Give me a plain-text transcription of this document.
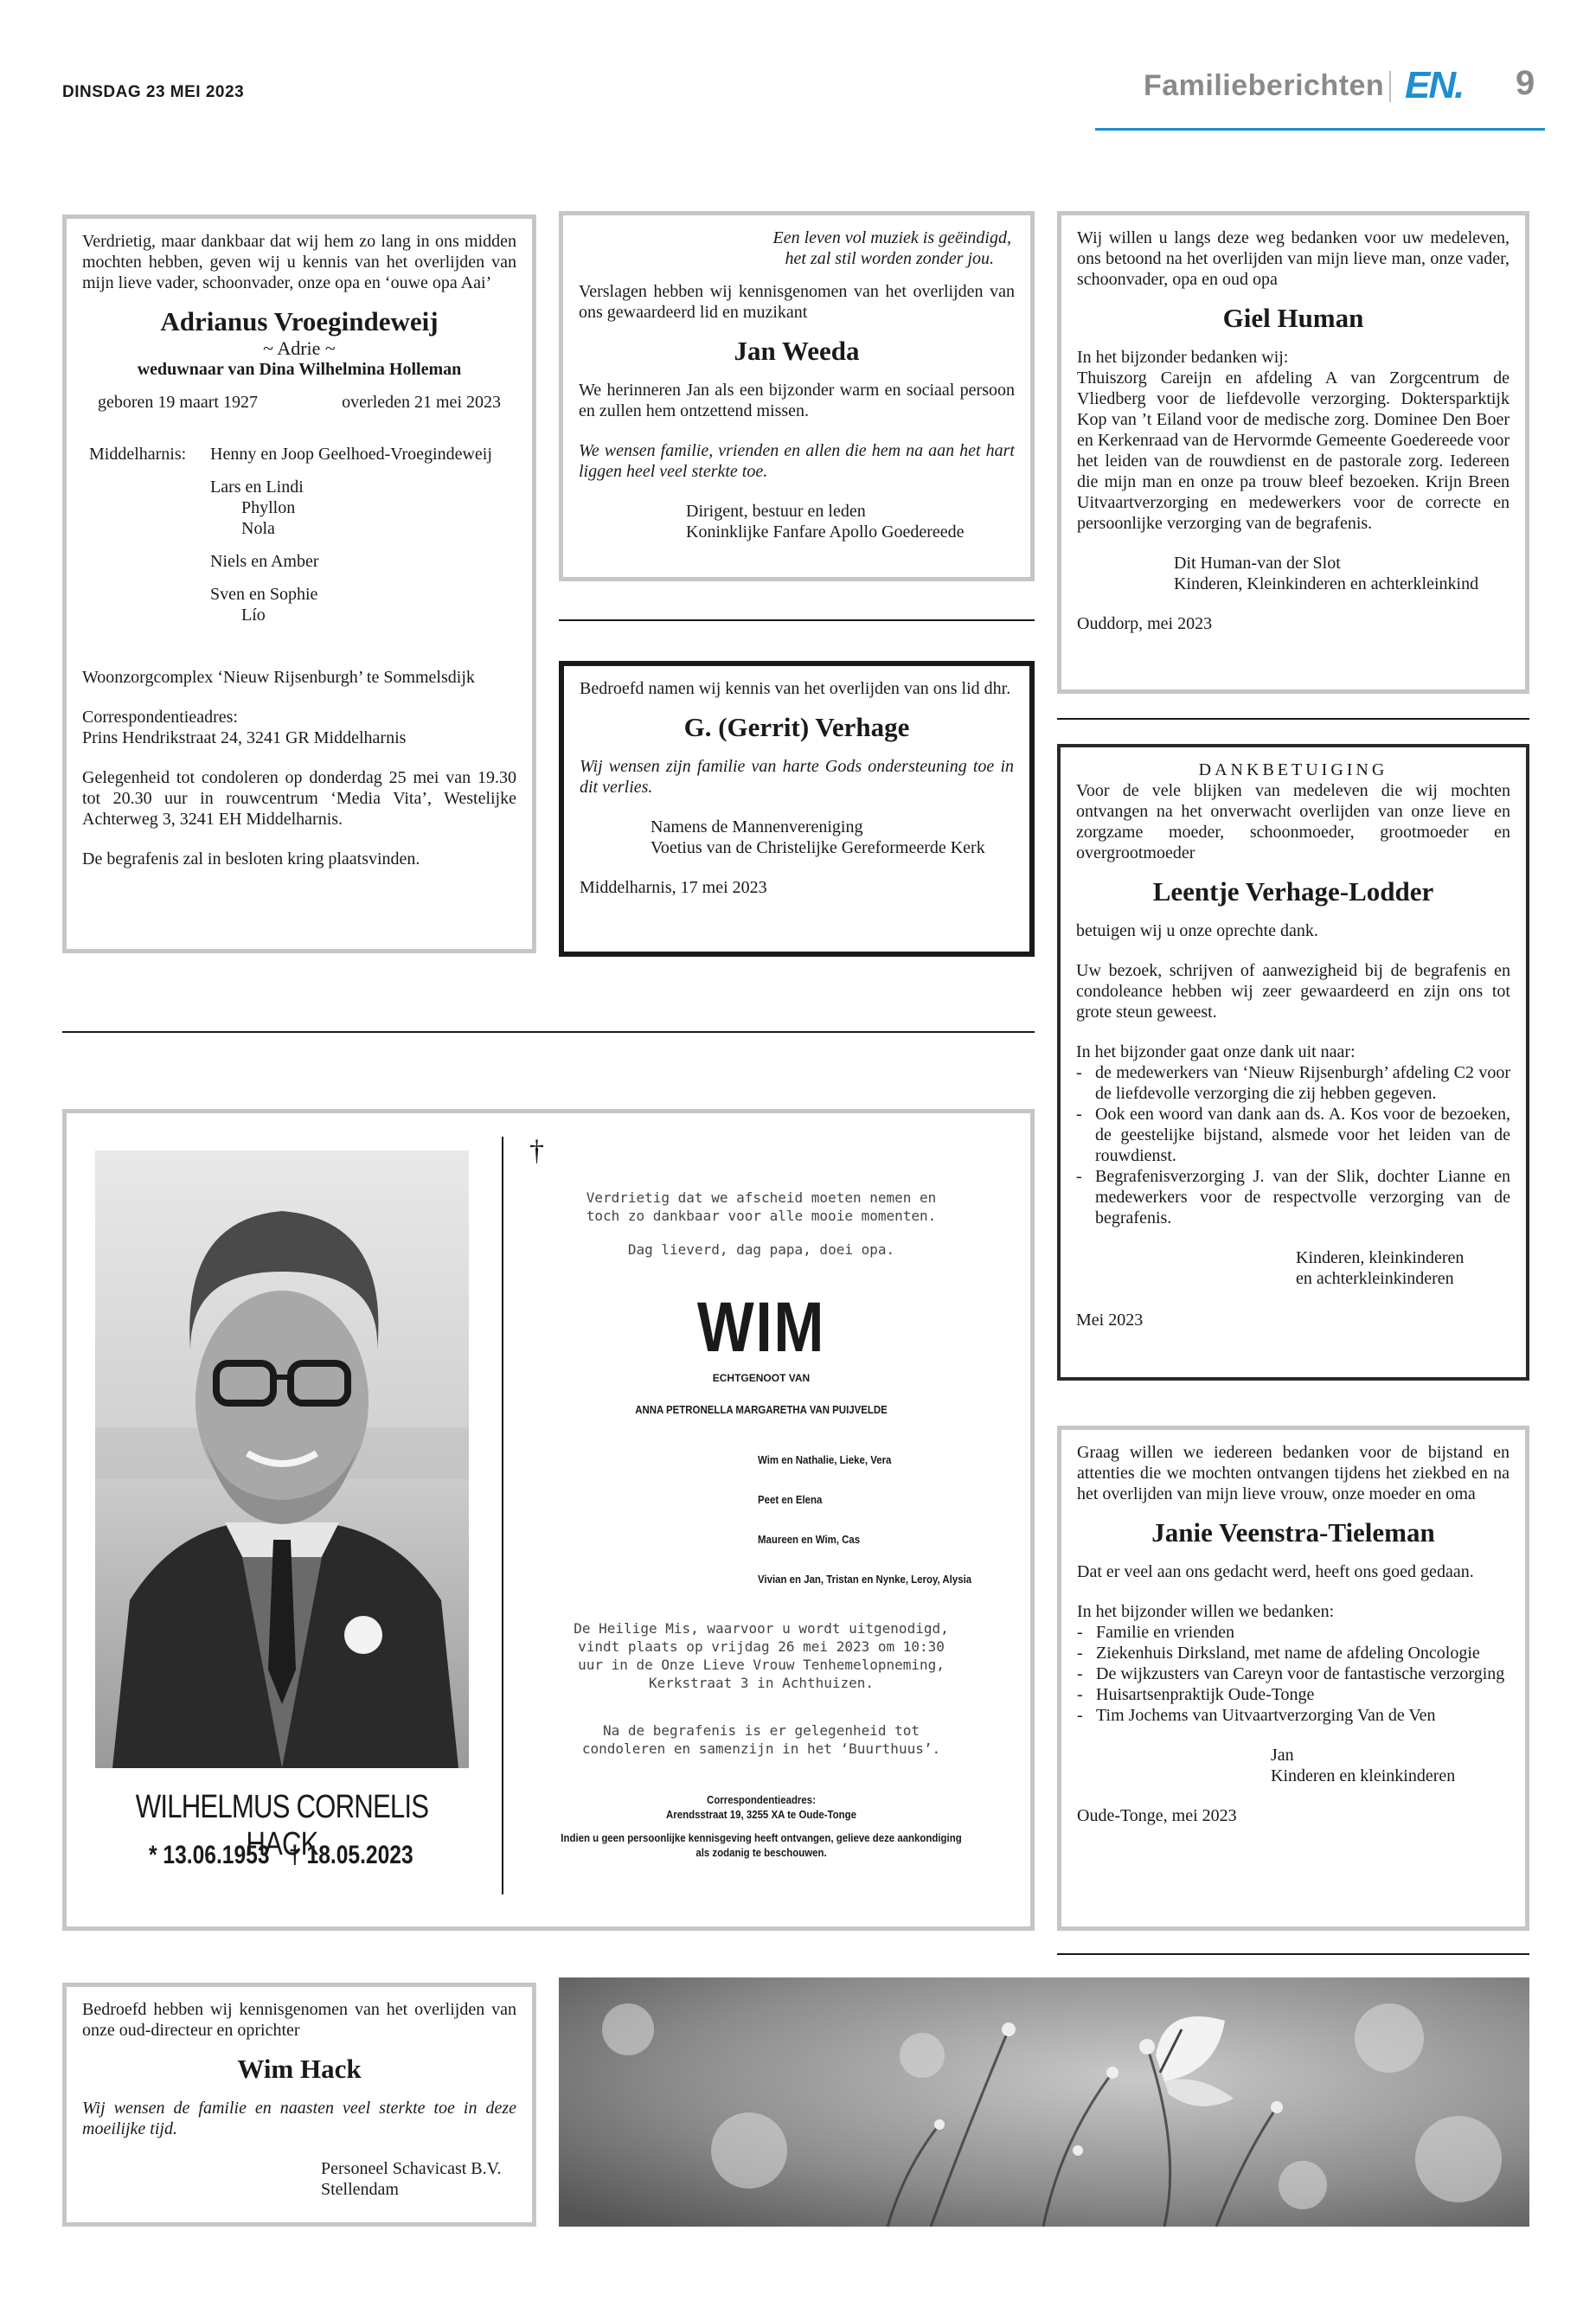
DINSDAG 23 MEI 2023	Familieberichten EN. 9

Verdrietig, maar dankbaar dat wij hem zo lang in ons midden mochten hebben, geven wij u kennis van het overlijden van mijn lieve vader, schoonvader, onze opa en ‘ouwe opa Aai’

Adrianus Vroegindeweij
~ Adrie ~
weduwnaar van Dina Wilhelmina Holleman
geboren 19 maart 1927	overleden 21 mei 2023
Middelharnis:	Henny en Joop Geelhoed-Vroegindeweij
Lars en Lindi
Phyllon
Nola
Niels en Amber
Sven en Sophie
Lío

Woonzorgcomplex ‘Nieuw Rijsenburgh’ te Sommelsdijk

Correspondentieadres:

Prins Hendrikstraat 24, 3241 GR Middelharnis

Gelegenheid tot condoleren op donderdag 25 mei van 19.30 tot 20.30 uur in rouwcentrum ‘Media Vita’, Westelijke Achterweg 3, 3241 EH Middelharnis.

De begrafenis zal in besloten kring plaatsvinden.

Een leven vol muziek is geëindigd,
het zal stil worden zonder jou.

Verslagen hebben wij kennisgenomen van het overlijden van ons gewaardeerd lid en muzikant

Jan Weeda

We herinneren Jan als een bijzonder warm en sociaal persoon en zullen hem ontzettend missen.

We wensen familie, vrienden en allen die hem na aan het hart liggen heel veel sterkte toe.

Dirigent, bestuur en leden
Koninklijke Fanfare Apollo Goedereede

Bedroefd namen wij kennis van het overlijden van ons lid dhr.

G. (Gerrit) Verhage

Wij wensen zijn familie van harte Gods ondersteuning toe in dit verlies.

Namens de Mannenvereniging
Voetius van de Christelijke Gereformeerde Kerk
Middelharnis, 17 mei 2023

Wij willen u langs deze weg bedanken voor uw medeleven, ons betoond na het overlijden van mijn lieve man, onze vader, schoonvader, opa en oud opa

Giel Human

In het bijzonder bedanken wij:

Thuiszorg Careijn en afdeling A van Zorgcentrum de Vliedberg voor de liefdevolle verzorging. Doktersparktijk Kop van ’t Eiland voor de medische zorg. Dominee Den Boer en Kerkenraad van de Hervormde Gemeente Goedereede voor het leiden van de rouwdienst en de pastorale zorg. Iedereen die mijn man en onze pa trouw bleef bezoeken. Krijn Breen Uitvaartverzorging en medewerkers voor de correcte en persoonlijke verzorging van de begrafenis.

Dit Human-van der Slot
Kinderen, Kleinkinderen en achterkleinkind
Ouddorp, mei 2023
DANKBETUIGING

Voor de vele blijken van medeleven die wij mochten ontvangen na het onverwacht overlijden van onze lieve en zorgzame moeder, schoonmoeder, grootmoeder en overgrootmoeder

Leentje Verhage-Lodder

betuigen wij u onze oprechte dank.

Uw bezoek, schrijven of aanwezigheid bij de begrafenis en condoleance hebben wij zeer gewaardeerd en zijn ons tot grote steun geweest.

In het bijzonder gaat onze dank uit naar:

- de medewerkers van ‘Nieuw Rijsenburgh’ afdeling C2 voor de liefdevolle verzorging die zij hebben gegeven.
- Ook een woord van dank aan ds. A. Kos voor de bezoeken, de geestelijke bijstand, alsmede voor het leiden van de rouwdienst.
- Begrafenisverzorging J. van der Slik, dochter Lianne en medewerkers voor de respectvolle verzorging van de begrafenis.
Kinderen, kleinkinderen
en achterkleinkinderen
Mei 2023
WILHELMUS CORNELIS HACK
* 13.06.1953 † 18.05.2023
†
Verdrietig dat we afscheid moeten nemen en
toch zo dankbaar voor alle mooie momenten.
Dag lieverd, dag papa, doei opa.
WIM
ECHTGENOOT VAN
ANNA PETRONELLA MARGARETHA VAN PUIJVELDE
Wim en Nathalie, Lieke, Vera
Peet en Elena
Maureen en Wim, Cas
Vivian en Jan, Tristan en Nynke, Leroy, Alysia
De Heilige Mis, waarvoor u wordt uitgenodigd,
vindt plaats op vrijdag 26 mei 2023 om 10:30
uur in de Onze Lieve Vrouw Tenhemelopneming,
Kerkstraat 3 in Achthuizen.
Na de begrafenis is er gelegenheid tot
condoleren en samenzijn in het ‘Buurthuus’.
Correspondentieadres:
Arendsstraat 19, 3255 XA te Oude-Tonge
Indien u geen persoonlijke kennisgeving heeft ontvangen, gelieve deze aankondiging
als zodanig te beschouwen.

Graag willen we iedereen bedanken voor de bijstand en attenties die we mochten ontvangen tijdens het ziekbed en na het overlijden van mijn lieve vrouw, onze moeder en oma

Janie Veenstra-Tieleman

Dat er veel aan ons gedacht werd, heeft ons goed gedaan.

In het bijzonder willen we bedanken:

- Familie en vrienden
- Ziekenhuis Dirksland, met name de afdeling Oncologie
- De wijkzusters van Careyn voor de fantastische verzorging
- Huisartsenpraktijk Oude-Tonge
- Tim Jochems van Uitvaartverzorging Van de Ven
Jan
Kinderen en kleinkinderen
Oude-Tonge, mei 2023

Bedroefd hebben wij kennisgenomen van het overlijden van onze oud-directeur en oprichter

Wim Hack

Wij wensen de familie en naasten veel sterkte toe in deze moeilijke tijd.

Personeel Schavicast B.V.
Stellendam
